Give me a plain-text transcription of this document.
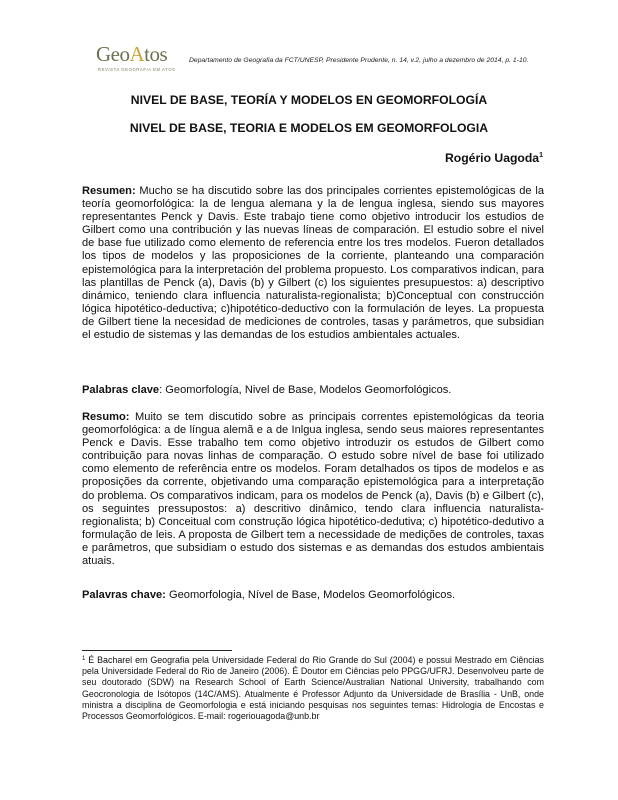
GeoAtos
REVISTA GEOGRAFIA EM ATOS
Departamento de Geografia da FCT/UNESP, Presidente Prudente, n. 14, v.2, julho a dezembro de 2014, p. 1-10.
NIVEL DE BASE, TEORÍA Y MODELOS EN GEOMORFOLOGÍA
NIVEL DE BASE, TEORIA E MODELOS EM GEOMORFOLOGIA
Rogério Uagoda$^1$
Resumen: Mucho se ha discutido sobre las dos principales corrientes epistemológicas de la teoría geomorfológica: la de lengua alemana y la de lengua inglesa, siendo sus mayores representantes Penck y Davis. Este trabajo tiene como objetivo introducir los estudios de Gilbert como una contribución y las nuevas líneas de comparación. El estudio sobre el nivel de base fue utilizado como elemento de referencia entre los tres modelos. Fueron detallados los tipos de modelos y las proposiciones de la corriente, planteando una comparación epistemológica para la interpretación del problema propuesto. Los comparativos indican, para las plantillas de Penck (a), Davis (b) y Gilbert (c) los siguientes presupuestos: a) descriptivo dinámico, teniendo clara influencia naturalista-regionalista; b)Conceptual con construcción lógica hipotético-deductiva; c)hipotético-deductivo con la formulación de leyes. La propuesta de Gilbert tiene la necesidad de mediciones de controles, tasas y parámetros, que subsidian el estudio de sistemas y las demandas de los estudios ambientales actuales.
Palabras clave: Geomorfología, Nivel de Base, Modelos Geomorfológicos.
Resumo: Muito se tem discutido sobre as principais correntes epistemológicas da teoria geomorfológica: a de língua alemã e a de Inlgua inglesa, sendo seus maiores representantes Penck e Davis. Esse trabalho tem como objetivo introduzir os estudos de Gilbert como contribuição para novas linhas de comparação. O estudo sobre nível de base foi utilizado como elemento de referência entre os modelos. Foram detalhados os tipos de modelos e as proposições da corrente, objetivando uma comparação epistemológica para a interpretação do problema. Os comparativos indicam, para os modelos de Penck (a), Davis (b) e Gilbert (c), os seguintes pressupostos: a) descritivo dinâmico, tendo clara influencia naturalista-regionalista; b) Conceitual com construção lógica hipotético-dedutiva; c) hipotético-dedutivo a formulação de leis. A proposta de Gilbert tem a necessidade de medições de controles, taxas e parâmetros, que subsidiam o estudo dos sistemas e as demandas dos estudos ambientais atuais.
Palavras chave: Geomorfologia, Nível de Base, Modelos Geomorfológicos.
$^1$ É Bacharel em Geografia pela Universidade Federal do Rio Grande do Sul (2004) e possui Mestrado em Ciências pela Universidade Federal do Rio de Janeiro (2006). É Doutor em Ciências pelo PPGG/UFRJ. Desenvolveu parte de seu doutorado (SDW) na Research School of Earth Science/Australian National University, trabalhando com Geocronologia de Isótopos (14C/AMS). Atualmente é Professor Adjunto da Universidade de Brasília - UnB, onde ministra a disciplina de Geomorfologia e está iniciando pesquisas nos seguintes temas: Hidrologia de Encostas e Processos Geomorfológicos. E-mail: rogeriouagoda@unb.br
